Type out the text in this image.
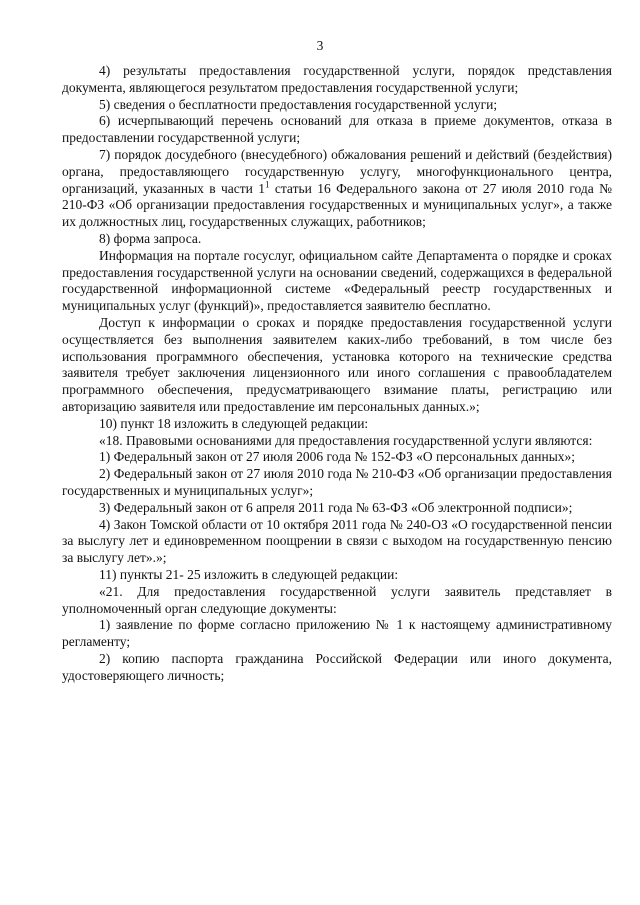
3

4) результаты предоставления государственной услуги, порядок представления документа, являющегося результатом предоставления государственной услуги;

5) сведения о бесплатности предоставления государственной услуги;

6) исчерпывающий перечень оснований для отказа в приеме документов, отказа в предоставлении государственной услуги;

7) порядок досудебного (внесудебного) обжалования решений и действий (бездействия) органа, предоставляющего государственную услугу, многофункционального центра, организаций, указанных в части $1^1$ статьи 16 Федерального закона от 27 июля 2010 года № 210-ФЗ «Об организации предоставления государственных и муниципальных услуг», а также их должностных лиц, государственных служащих, работников;

8) форма запроса.

Информация на портале госуслуг, официальном сайте Департамента о порядке и сроках предоставления государственной услуги на основании сведений, содержащихся в федеральной государственной информационной системе «Федеральный реестр государственных и муниципальных услуг (функций)», предоставляется заявителю бесплатно.

Доступ к информации о сроках и порядке предоставления государственной услуги осуществляется без выполнения заявителем каких-либо требований, в том числе без использования программного обеспечения, установка которого на технические средства заявителя требует заключения лицензионного или иного соглашения с правообладателем программного обеспечения, предусматривающего взимание платы, регистрацию или авторизацию заявителя или предоставление им персональных данных.»;

10) пункт 18 изложить в следующей редакции:

«18. Правовыми основаниями для предоставления государственной услуги являются:

1) Федеральный закон от 27 июля 2006 года № 152-ФЗ «О персональных данных»;

2) Федеральный закон от 27 июля 2010 года № 210-ФЗ «Об организации предоставления государственных и муниципальных услуг»;

3) Федеральный закон от 6 апреля 2011 года № 63-ФЗ «Об электронной подписи»;

4) Закон Томской области от 10 октября 2011 года № 240-ОЗ «О государственной пенсии за выслугу лет и единовременном поощрении в связи с выходом на государственную пенсию за выслугу лет».»;

11) пункты 21- 25 изложить в следующей редакции:

«21. Для предоставления государственной услуги заявитель представляет в уполномоченный орган следующие документы:

1) заявление по форме согласно приложению № 1 к настоящему административному регламенту;

2) копию паспорта гражданина Российской Федерации или иного документа, удостоверяющего личность;
